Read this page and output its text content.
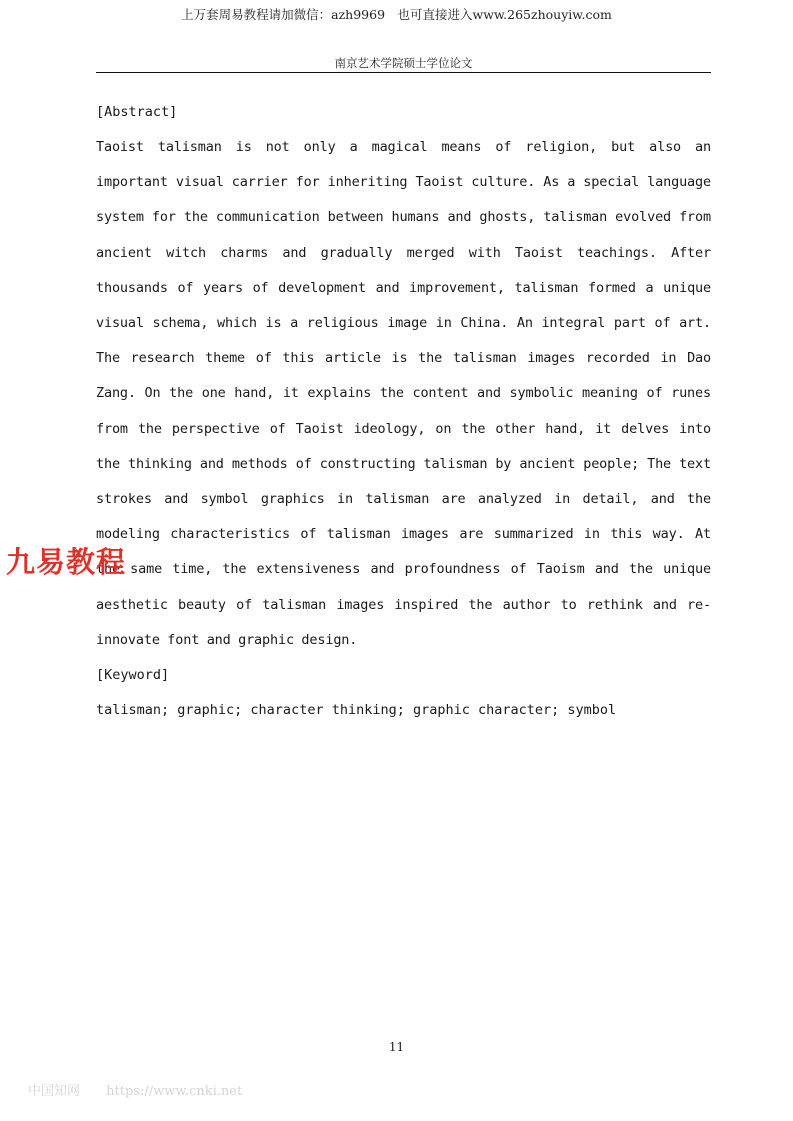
上万套周易教程请加微信：azh9969　也可直接进入www.265zhouyiw.com
南京艺术学院硕士学位论文
[Abstract]

Taoist talisman is not only a magical means of religion, but also an important visual carrier for inheriting Taoist culture. As a special language system for the communication between humans and ghosts, talisman evolved from ancient witch charms and gradually merged with Taoist teachings. After thousands of years of development and improvement, talisman formed a unique visual schema, which is a religious image in China. An integral part of art. The research theme of this article is the talisman images recorded in Dao Zang. On the one hand, it explains the content and symbolic meaning of runes from the perspective of Taoist ideology, on the other hand, it delves into the thinking and methods of constructing talisman by ancient people; The text strokes and symbol graphics in talisman are analyzed in detail, and the modeling characteristics of talisman images are summarized in this way. At the same time, the extensiveness and profoundness of Taoism and the unique aesthetic beauty of talisman images inspired the author to rethink and re-innovate font and graphic design.

[Keyword]
talisman; graphic; character thinking; graphic character; symbol
九易教程
11
中国知网 https://www.cnki.net
